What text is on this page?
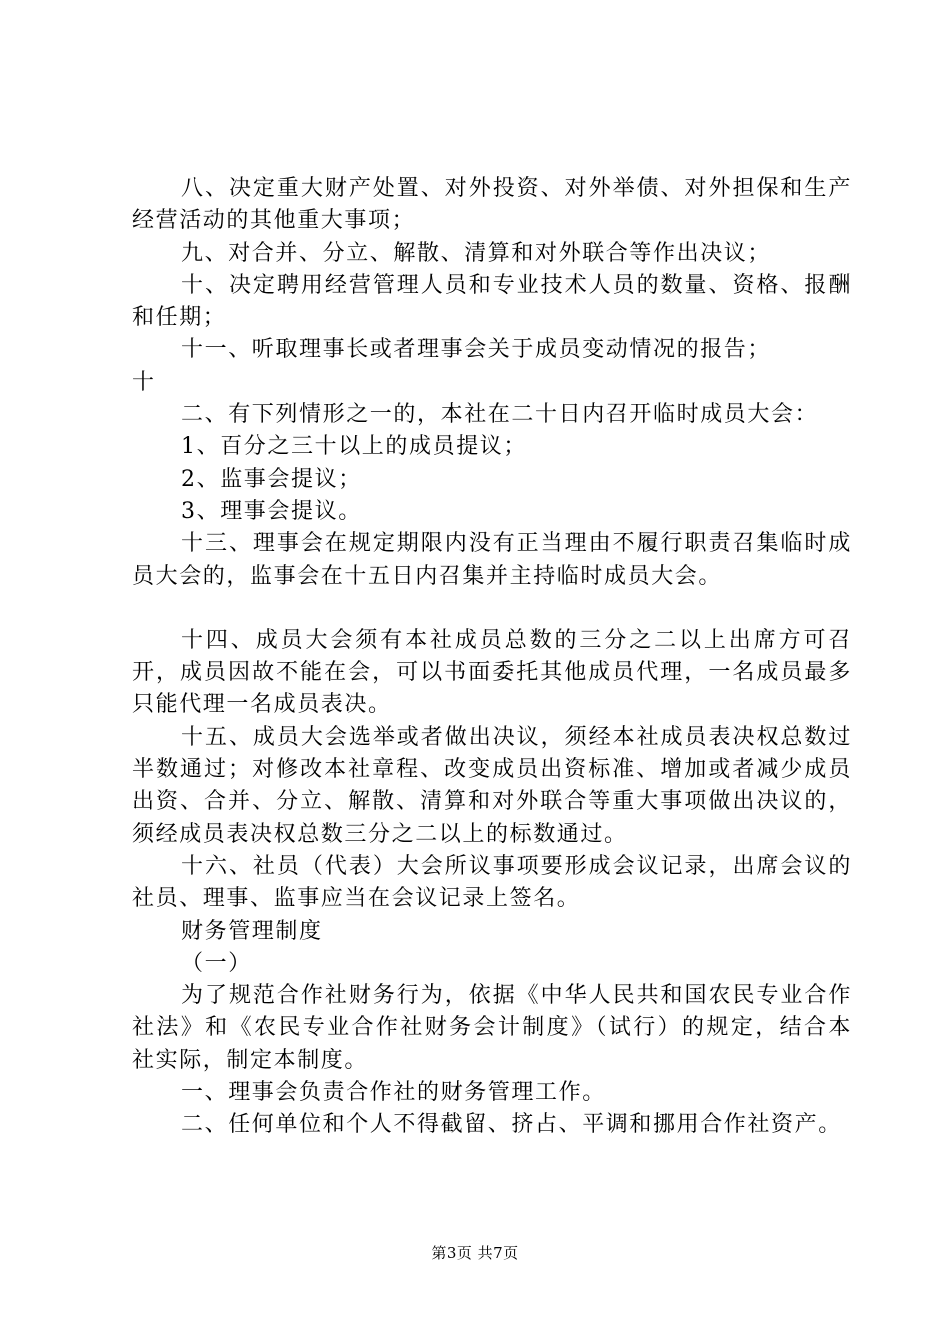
八、决定重大财产处置、对外投资、对外举债、对外担保和生产经营活动的其他重大事项；

九、对合并、分立、解散、清算和对外联合等作出决议；

十、决定聘用经营管理人员和专业技术人员的数量、资格、报酬和任期；

十一、听取理事长或者理事会关于成员变动情况的报告；

十

二、有下列情形之一的，本社在二十日内召开临时成员大会：

1、百分之三十以上的成员提议；

2、监事会提议；

3、理事会提议。

十三、理事会在规定期限内没有正当理由不履行职责召集临时成员大会的，监事会在十五日内召集并主持临时成员大会。

十四、成员大会须有本社成员总数的三分之二以上出席方可召开，成员因故不能在会，可以书面委托其他成员代理，一名成员最多只能代理一名成员表决。

十五、成员大会选举或者做出决议，须经本社成员表决权总数过半数通过；对修改本社章程、改变成员出资标准、增加或者减少成员出资、合并、分立、解散、清算和对外联合等重大事项做出决议的，须经成员表决权总数三分之二以上的标数通过。

十六、社员（代表）大会所议事项要形成会议记录，出席会议的社员、理事、监事应当在会议记录上签名。

财务管理制度

（一）

为了规范合作社财务行为，依据《中华人民共和国农民专业合作社法》和《农民专业合作社财务会计制度》（试行）的规定，结合本社实际，制定本制度。

一、理事会负责合作社的财务管理工作。

二、任何单位和个人不得截留、挤占、平调和挪用合作社资产。

第3页 共7页
